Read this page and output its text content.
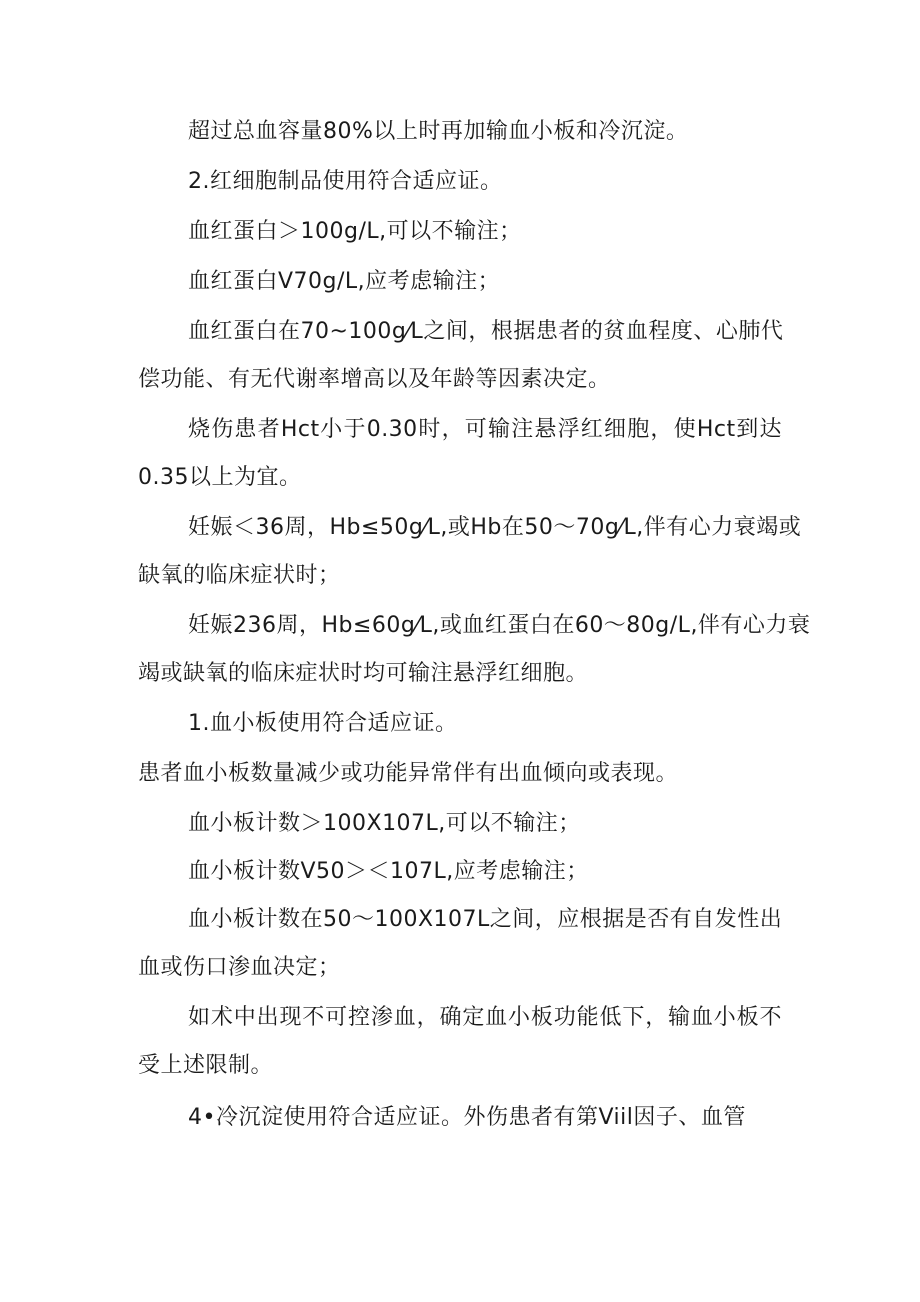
超过总血容量80%以上时再加输血小板和冷沉淀。
2.红细胞制品使用符合适应证。
血红蛋白＞100g/L,可以不输注；
血红蛋白V70g/L,应考虑输注；
血红蛋白在70~100g⁄L之间，根据患者的贫血程度、心肺代
偿功能、有无代谢率增高以及年龄等因素决定。
烧伤患者Hct小于0.30时，可输注悬浮红细胞，使Hct到达
0.35以上为宜。
妊娠＜36周，Hb≤50g⁄L,或Hb在50〜70g⁄L,伴有心力衰竭或
缺氧的临床症状时；
妊娠236周，Hb≤60g⁄L,或血红蛋白在60〜80g/L,伴有心力衰
竭或缺氧的临床症状时均可输注悬浮红细胞。
1.血小板使用符合适应证。
患者血小板数量减少或功能异常伴有出血倾向或表现。
血小板计数＞100X107L,可以不输注；
血小板计数V50＞＜107L,应考虑输注；
血小板计数在50〜100X107L之间，应根据是否有自发性出
血或伤口渗血决定；
如术中出现不可控渗血，确定血小板功能低下，输血小板不
受上述限制。
4•冷沉淀使用符合适应证。外伤患者有第Viil因子、血管
